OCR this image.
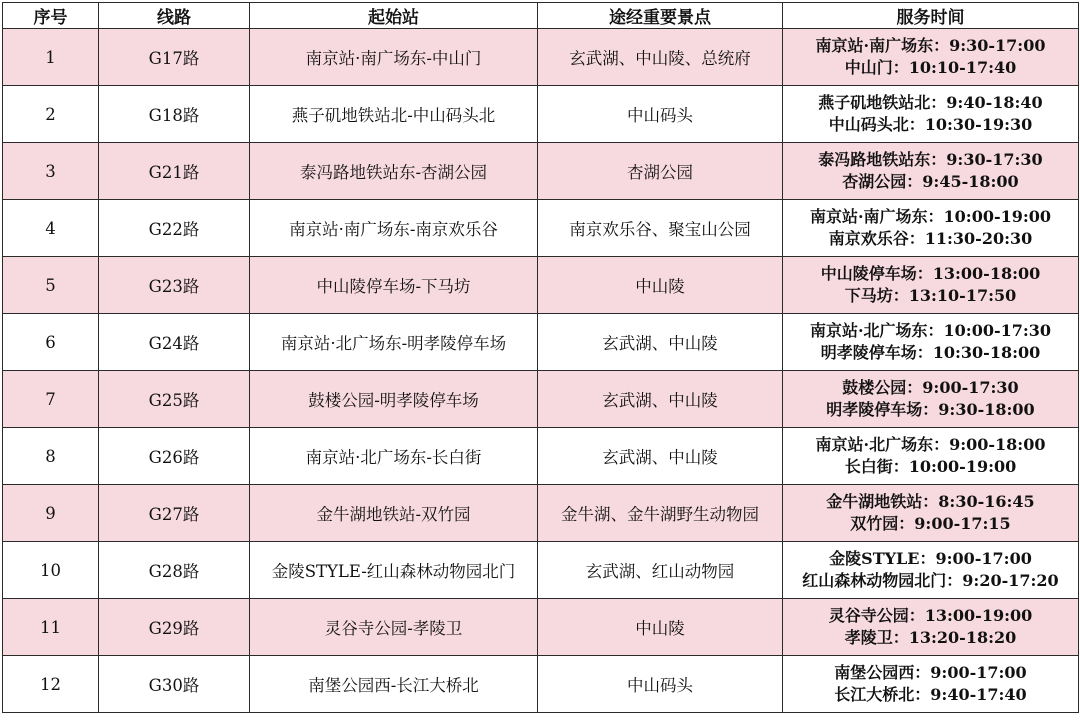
序号	线路	起始站	途经重要景点	服务时间
1	G17路	南京站·南广场东-中山门	玄武湖、中山陵、总统府	南京站·南广场东：9:30-17:00
中山门：10:10-17:40

2	G18路	燕子矶地铁站北-中山码头北	中山码头	燕子矶地铁站北：9:40-18:40
中山码头北：10:30-19:30

3	G21路	泰冯路地铁站东-杏湖公园	杏湖公园	泰冯路地铁站东：9:30-17:30
杏湖公园：9:45-18:00

4	G22路	南京站·南广场东-南京欢乐谷	南京欢乐谷、聚宝山公园	南京站·南广场东：10:00-19:00
南京欢乐谷：11:30-20:30

5	G23路	中山陵停车场-下马坊	中山陵	中山陵停车场：13:00-18:00
下马坊：13:10-17:50

6	G24路	南京站·北广场东-明孝陵停车场	玄武湖、中山陵	南京站·北广场东：10:00-17:30
明孝陵停车场：10:30-18:00

7	G25路	鼓楼公园-明孝陵停车场	玄武湖、中山陵	鼓楼公园：9:00-17:30
明孝陵停车场：9:30-18:00

8	G26路	南京站·北广场东-长白街	玄武湖、中山陵	南京站·北广场东：9:00-18:00
长白街：10:00-19:00

9	G27路	金牛湖地铁站-双竹园	金牛湖、金牛湖野生动物园	金牛湖地铁站：8:30-16:45
双竹园：9:00-17:15

10	G28路	金陵STYLE-红山森林动物园北门	玄武湖、红山动物园	金陵STYLE：9:00-17:00
红山森林动物园北门：9:20-17:20

11	G29路	灵谷寺公园-孝陵卫	中山陵	灵谷寺公园：13:00-19:00
孝陵卫：13:20-18:20

12	G30路	南堡公园西-长江大桥北	中山码头	南堡公园西：9:00-17:00
长江大桥北：9:40-17:40
